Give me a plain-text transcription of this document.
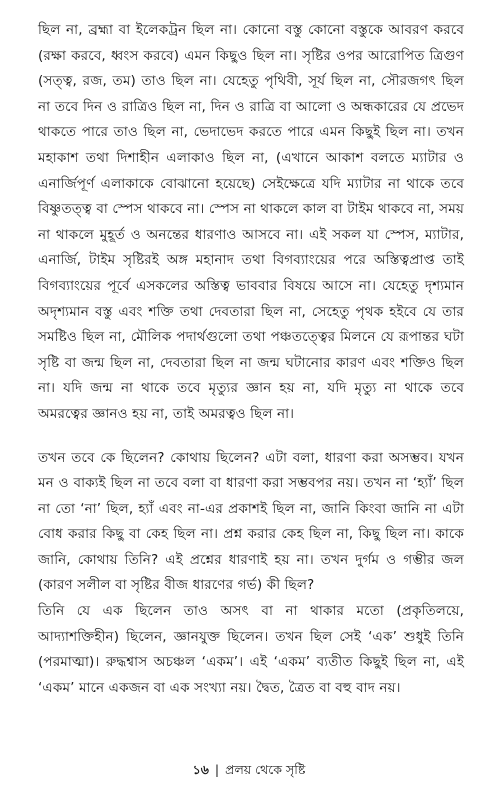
ছিল না, ব্রহ্মা বা ইলেকট্রন ছিল না। কোনো বস্তু কোনো বস্তুকে আবরণ করবে (রক্ষা করবে, ধ্বংস করবে) এমন কিছুও ছিল না। সৃষ্টির ওপর আরোপিত ত্রিগুণ (সত্ত্ব, রজ, তম) তাও ছিল না। যেহেতু পৃথিবী, সূর্য ছিল না, সৌরজগৎ ছিল না তবে দিন ও রাত্রিও ছিল না, দিন ও রাত্রি বা আলো ও অন্ধকারের যে প্রভেদ থাকতে পারে তাও ছিল না, ভেদাভেদ করতে পারে এমন কিছুই ছিল না। তখন মহাকাশ তথা দিশাহীন এলাকাও ছিল না, (এখানে আকাশ বলতে ম্যাটার ও এনার্জিপূর্ণ এলাকাকে বোঝানো হয়েছে) সেইক্ষেত্রে যদি ম্যাটার না থাকে তবে বিষ্ণুতত্ত্ব বা স্পেস থাকবে না। স্পেস না থাকলে কাল বা টাইম থাকবে না, সময় না থাকলে মুহূর্ত ও অনন্তের ধারণাও আসবে না। এই সকল যা স্পেস, ম্যাটার, এনার্জি, টাইম সৃষ্টিরই অঙ্গ মহানাদ তথা বিগব্যাংয়ের পরে অস্তিত্বপ্রাপ্ত তাই বিগব্যাংয়ের পূর্বে এসকলের অস্তিত্ব ভাববার বিষয়ে আসে না। যেহেতু দৃশ্যমান অদৃশ্যমান বস্তু এবং শক্তি তথা দেবতারা ছিল না, সেহেতু পৃথক হইবে যে তার সমষ্টিও ছিল না, মৌলিক পদার্থগুলো তথা পঞ্চতত্ত্বের মিলনে যে রূপান্তর ঘটা সৃষ্টি বা জন্ম ছিল না, দেবতারা ছিল না জন্ম ঘটানোর কারণ এবং শক্তিও ছিল না। যদি জন্ম না থাকে তবে মৃত্যুর জ্ঞান হয় না, যদি মৃত্যু না থাকে তবে অমরত্বের জ্ঞানও হয় না, তাই অমরত্বও ছিল না।

তখন তবে কে ছিলেন? কোথায় ছিলেন? এটা বলা, ধারণা করা অসম্ভব। যখন মন ও বাক্যই ছিল না তবে বলা বা ধারণা করা সম্ভবপর নয়। তখন না ‘হ্যাঁ’ ছিল না তো ‘না’ ছিল, হ্যাঁ এবং না-এর প্রকাশই ছিল না, জানি কিংবা জানি না এটা বোধ করার কিছু বা কেহ ছিল না। প্রশ্ন করার কেহ ছিল না, কিছু ছিল না। কাকে জানি, কোথায় তিনি? এই প্রশ্নের ধারণাই হয় না। তখন দুর্গম ও গম্ভীর জল (কারণ সলীল বা সৃষ্টির বীজ ধারণের গর্ভ) কী ছিল?

তিনি যে এক ছিলেন তাও অসৎ বা না থাকার মতো (প্রকৃতিলয়ে, আদ্যাশক্তিহীন) ছিলেন, জ্ঞানযুক্ত ছিলেন। তখন ছিল সেই ‘এক’ শুধুই তিনি (পরমাত্মা)। রুদ্ধশ্বাস অচঞ্চল ‘একম’। এই ‘একম’ ব্যতীত কিছুই ছিল না, এই ‘একম’ মানে একজন বা এক সংখ্যা নয়। দ্বৈত, ত্রৈত বা বহু বাদ নয়।

১৬ | প্রলয় থেকে সৃষ্টি
